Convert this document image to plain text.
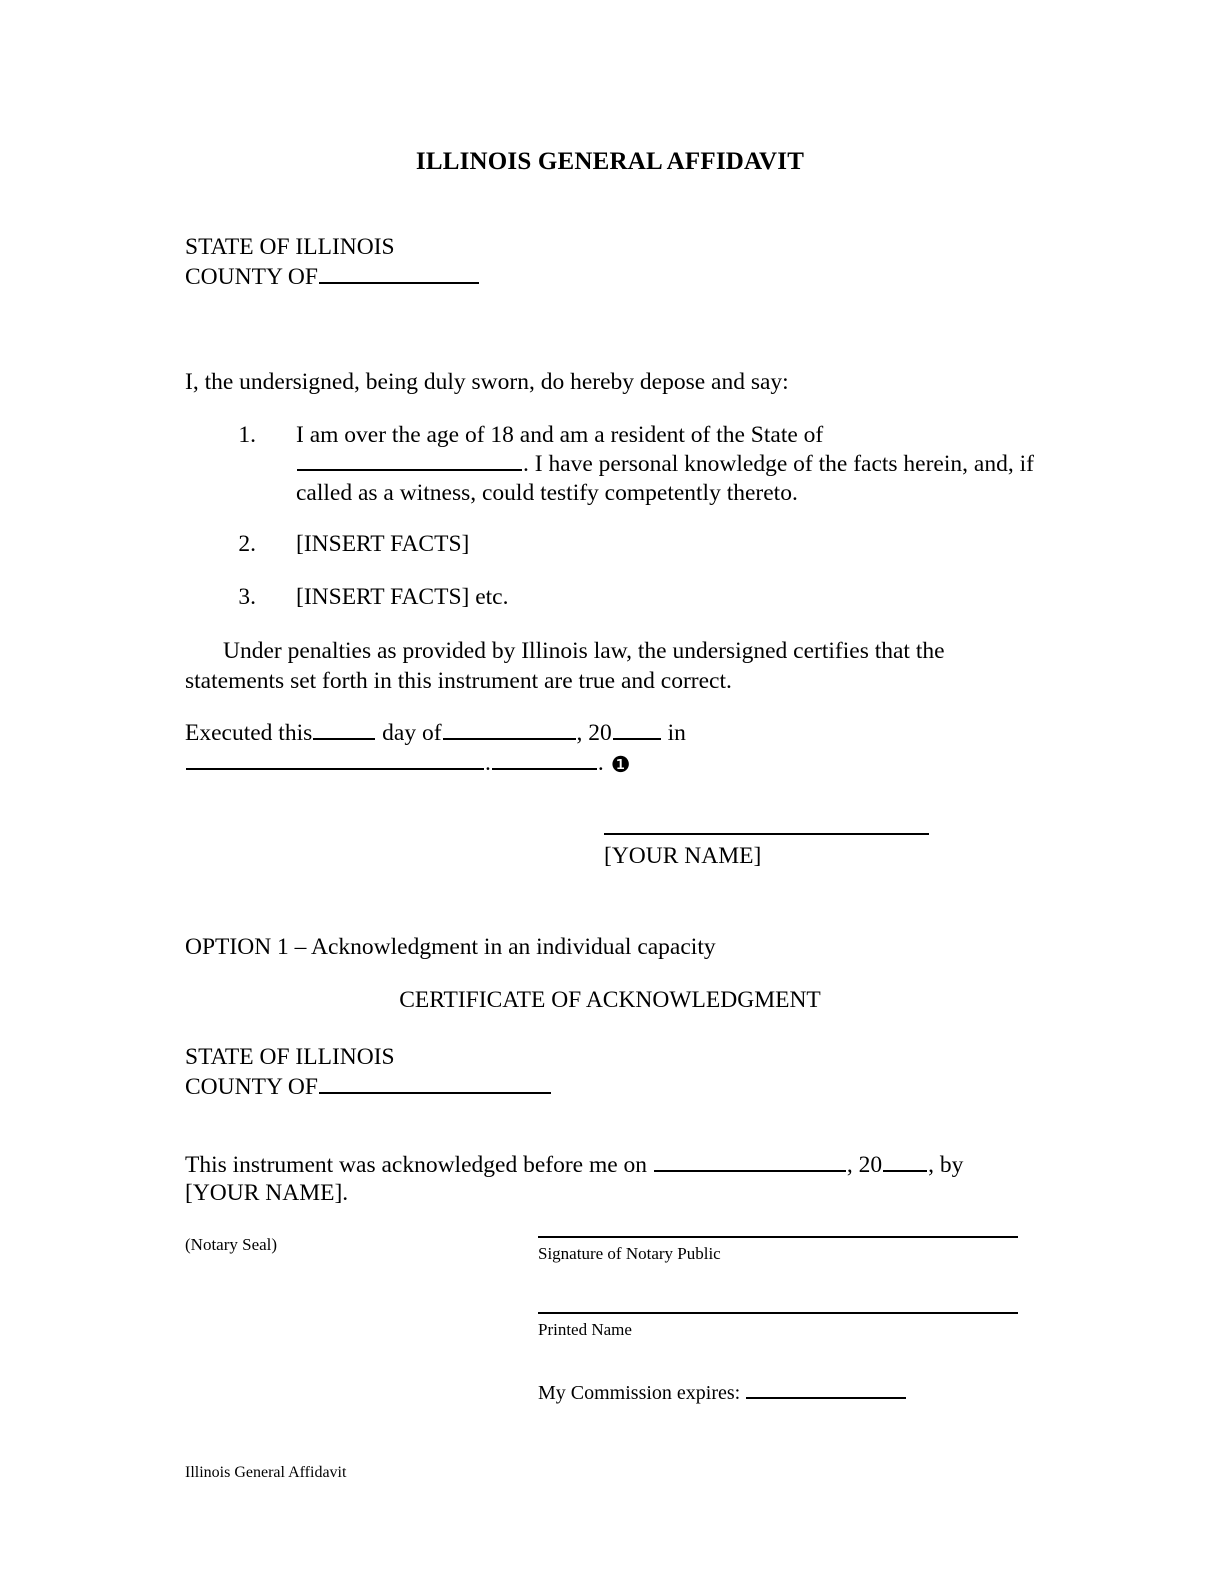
ILLINOIS GENERAL AFFIDAVIT
STATE OF ILLINOIS
COUNTY OF
I, the undersigned, being duly sworn, do hereby depose and say:
1. I am over the age of 18 and am a resident of the State of. I have personal knowledge of the facts herein, and, if called as a witness, could testify competently thereto.
2. [INSERT FACTS]
3. [INSERT FACTS] etc.
Under penalties as provided by Illinois law, the undersigned certifies that the statements set forth in this instrument are true and correct.
Executed this	day of	, 20 in
.	. ❶
[YOUR NAME]
OPTION 1 – Acknowledgment in an individual capacity
CERTIFICATE OF ACKNOWLEDGMENT
STATE OF ILLINOIS
COUNTY OF
This instrument was acknowledged before me on	, 20 , by [YOUR NAME].
(Notary Seal)	Signature of Notary Public
Printed Name
My Commission expires:
Illinois General Affidavit
